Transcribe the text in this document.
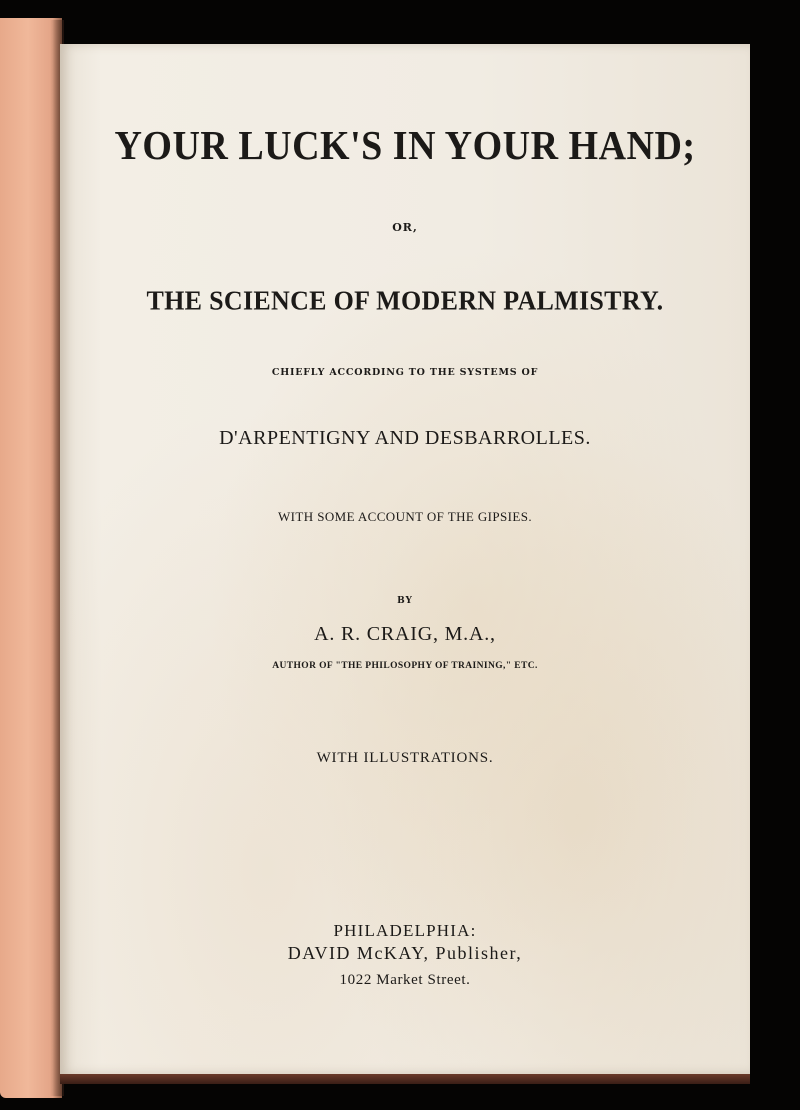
YOUR LUCK'S IN YOUR HAND;
OR,
THE SCIENCE OF MODERN PALMISTRY.
CHIEFLY ACCORDING TO THE SYSTEMS OF
D'ARPENTIGNY AND DESBARROLLES.
WITH SOME ACCOUNT OF THE GIPSIES.
BY
A. R. CRAIG, M.A.,
AUTHOR OF "THE PHILOSOPHY OF TRAINING," ETC.
WITH ILLUSTRATIONS.
PHILADELPHIA:
DAVID McKAY, Publisher,
1022 Market Street.
